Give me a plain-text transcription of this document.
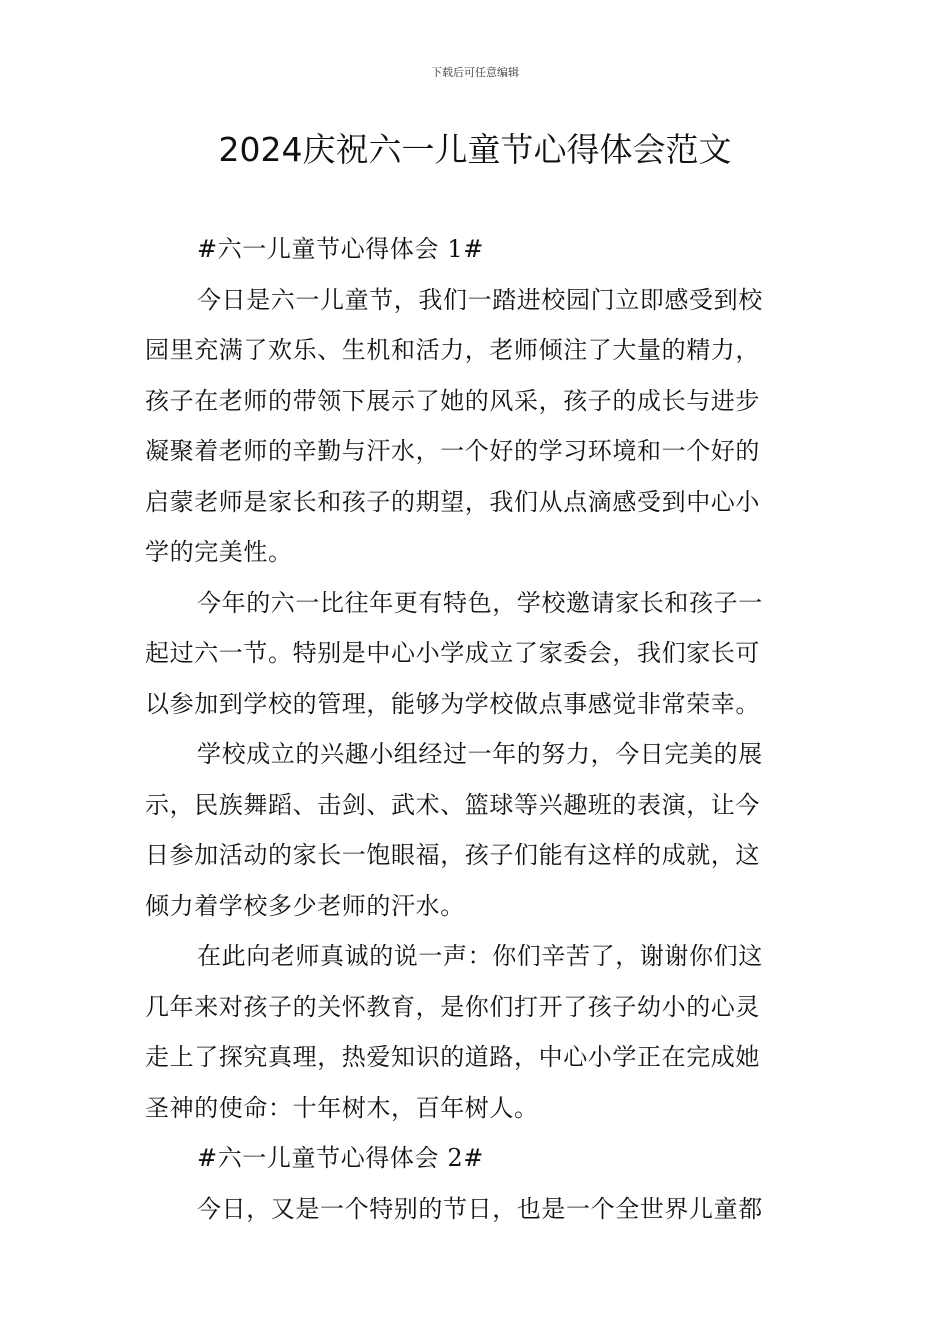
下载后可任意编辑
2024庆祝六一儿童节心得体会范文

#六一儿童节心得体会 1#

今日是六一儿童节，我们一踏进校园门立即感受到校
园里充满了欢乐、生机和活力，老师倾注了大量的精力，
孩子在老师的带领下展示了她的风采，孩子的成长与进步
凝聚着老师的辛勤与汗水，一个好的学习环境和一个好的
启蒙老师是家长和孩子的期望，我们从点滴感受到中心小
学的完美性。

今年的六一比往年更有特色，学校邀请家长和孩子一
起过六一节。特别是中心小学成立了家委会，我们家长可
以参加到学校的管理，能够为学校做点事感觉非常荣幸。

学校成立的兴趣小组经过一年的努力，今日完美的展
示，民族舞蹈、击剑、武术、篮球等兴趣班的表演，让今
日参加活动的家长一饱眼福，孩子们能有这样的成就，这
倾力着学校多少老师的汗水。

在此向老师真诚的说一声：你们辛苦了，谢谢你们这
几年来对孩子的关怀教育，是你们打开了孩子幼小的心灵
走上了探究真理，热爱知识的道路，中心小学正在完成她
圣神的使命：十年树木，百年树人。

#六一儿童节心得体会 2#

今日，又是一个特别的节日，也是一个全世界儿童都
